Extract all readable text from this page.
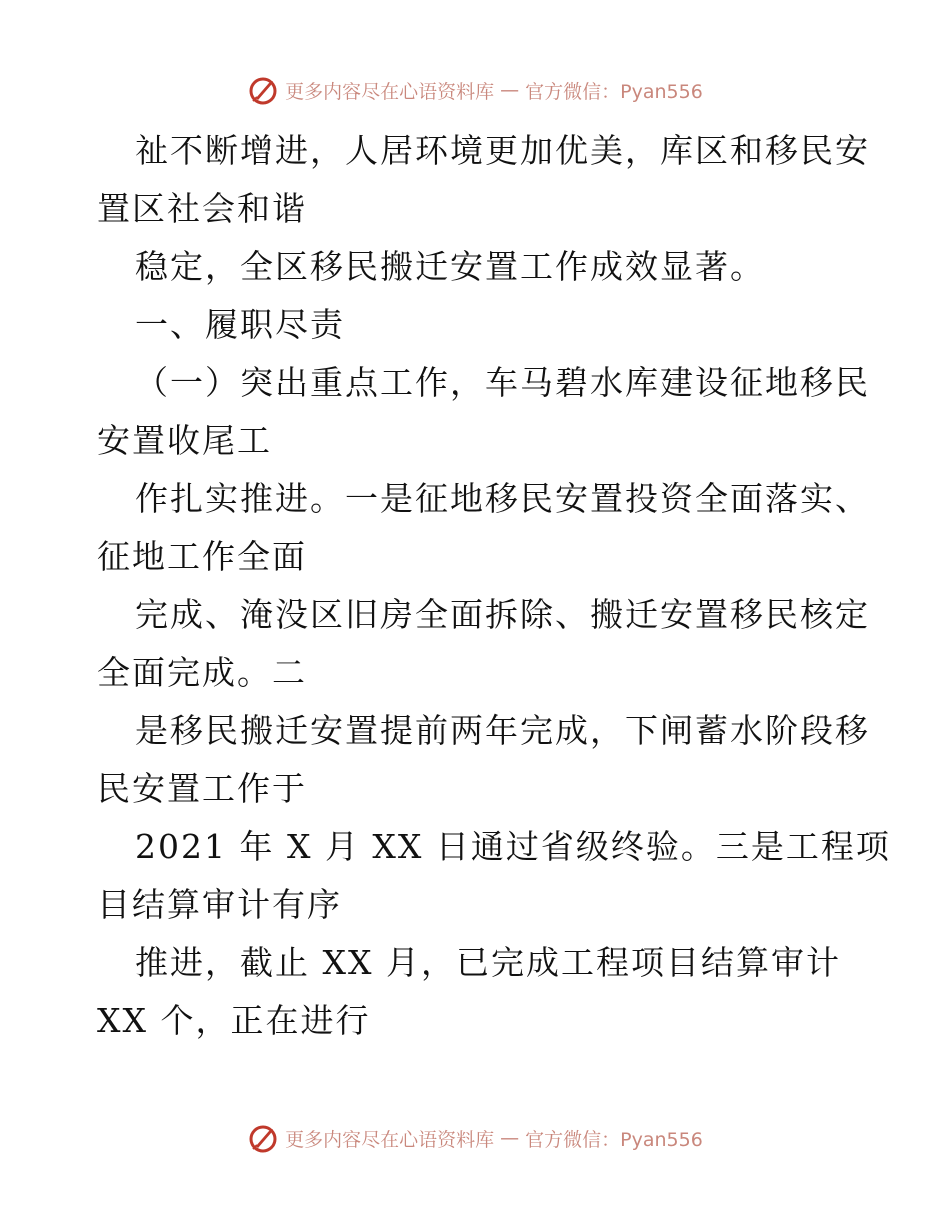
更多内容尽在心语资料库 — 官方微信：Pyan556
祉不断增进，人居环境更加优美，库区和移民安
置区社会和谐
稳定，全区移民搬迁安置工作成效显著。
一、履职尽责
（一）突出重点工作，车马碧水库建设征地移民
安置收尾工
作扎实推进。一是征地移民安置投资全面落实、
征地工作全面
完成、淹没区旧房全面拆除、搬迁安置移民核定
全面完成。二
是移民搬迁安置提前两年完成，下闸蓄水阶段移
民安置工作于
2021 年 X 月 XX 日通过省级终验。三是工程项
目结算审计有序
推进，截止 XX 月，已完成工程项目结算审计
XX 个，正在进行
更多内容尽在心语资料库 — 官方微信：Pyan556
